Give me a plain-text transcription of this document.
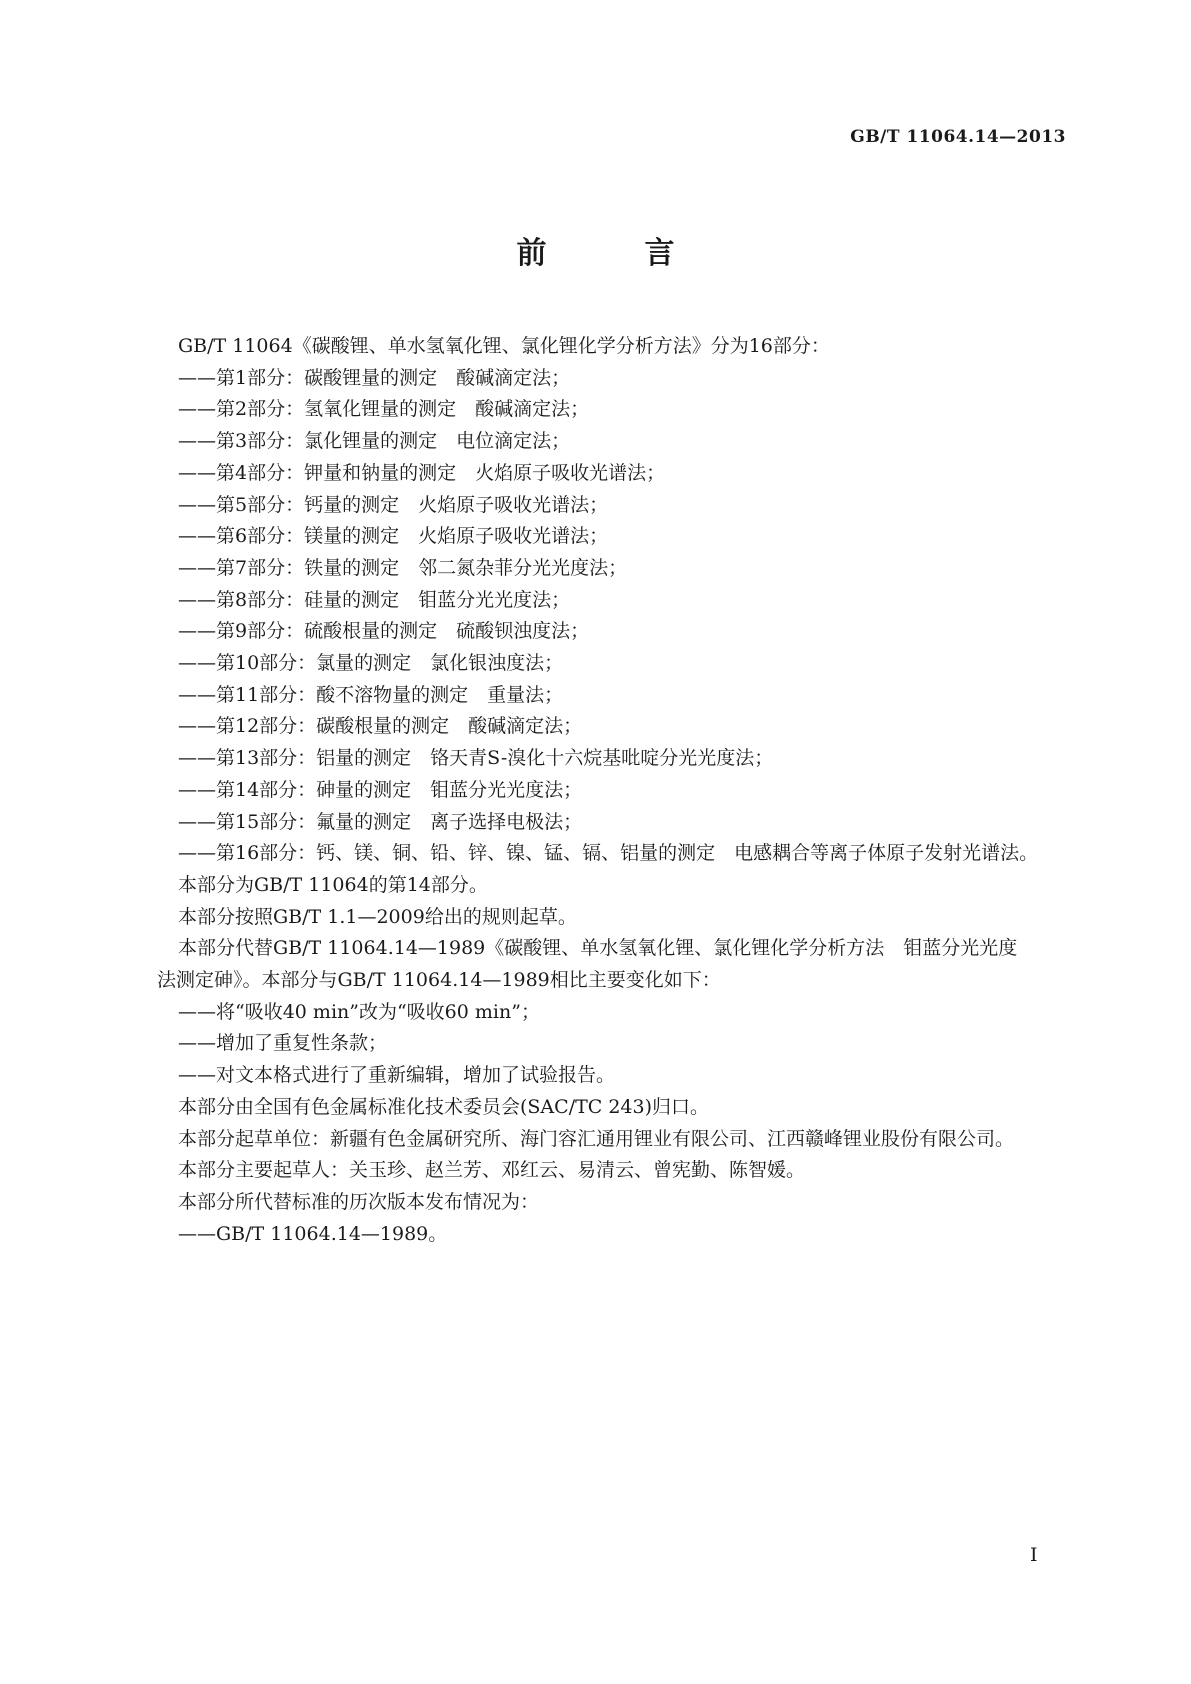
GB/T 11064.14—2013
前　言
GB/T 11064《碳酸锂、单水氢氧化锂、氯化锂化学分析方法》分为16部分：
——第1部分：碳酸锂量的测定　酸碱滴定法；
——第2部分：氢氧化锂量的测定　酸碱滴定法；
——第3部分：氯化锂量的测定　电位滴定法；
——第4部分：钾量和钠量的测定　火焰原子吸收光谱法；
——第5部分：钙量的测定　火焰原子吸收光谱法；
——第6部分：镁量的测定　火焰原子吸收光谱法；
——第7部分：铁量的测定　邻二氮杂菲分光光度法；
——第8部分：硅量的测定　钼蓝分光光度法；
——第9部分：硫酸根量的测定　硫酸钡浊度法；
——第10部分：氯量的测定　氯化银浊度法；
——第11部分：酸不溶物量的测定　重量法；
——第12部分：碳酸根量的测定　酸碱滴定法；
——第13部分：铝量的测定　铬天青S-溴化十六烷基吡啶分光光度法；
——第14部分：砷量的测定　钼蓝分光光度法；
——第15部分：氟量的测定　离子选择电极法；
——第16部分：钙、镁、铜、铅、锌、镍、锰、镉、铝量的测定　电感耦合等离子体原子发射光谱法。
本部分为GB/T 11064的第14部分。
本部分按照GB/T 1.1—2009给出的规则起草。
本部分代替GB/T 11064.14—1989《碳酸锂、单水氢氧化锂、氯化锂化学分析方法　钼蓝分光光度
法测定砷》。本部分与GB/T 11064.14—1989相比主要变化如下：
——将“吸收40 min”改为“吸收60 min”；
——增加了重复性条款；
——对文本格式进行了重新编辑，增加了试验报告。
本部分由全国有色金属标准化技术委员会(SAC/TC 243)归口。
本部分起草单位：新疆有色金属研究所、海门容汇通用锂业有限公司、江西赣峰锂业股份有限公司。
本部分主要起草人：关玉珍、赵兰芳、邓红云、易清云、曾宪勤、陈智媛。
本部分所代替标准的历次版本发布情况为：
——GB/T 11064.14—1989。
I
